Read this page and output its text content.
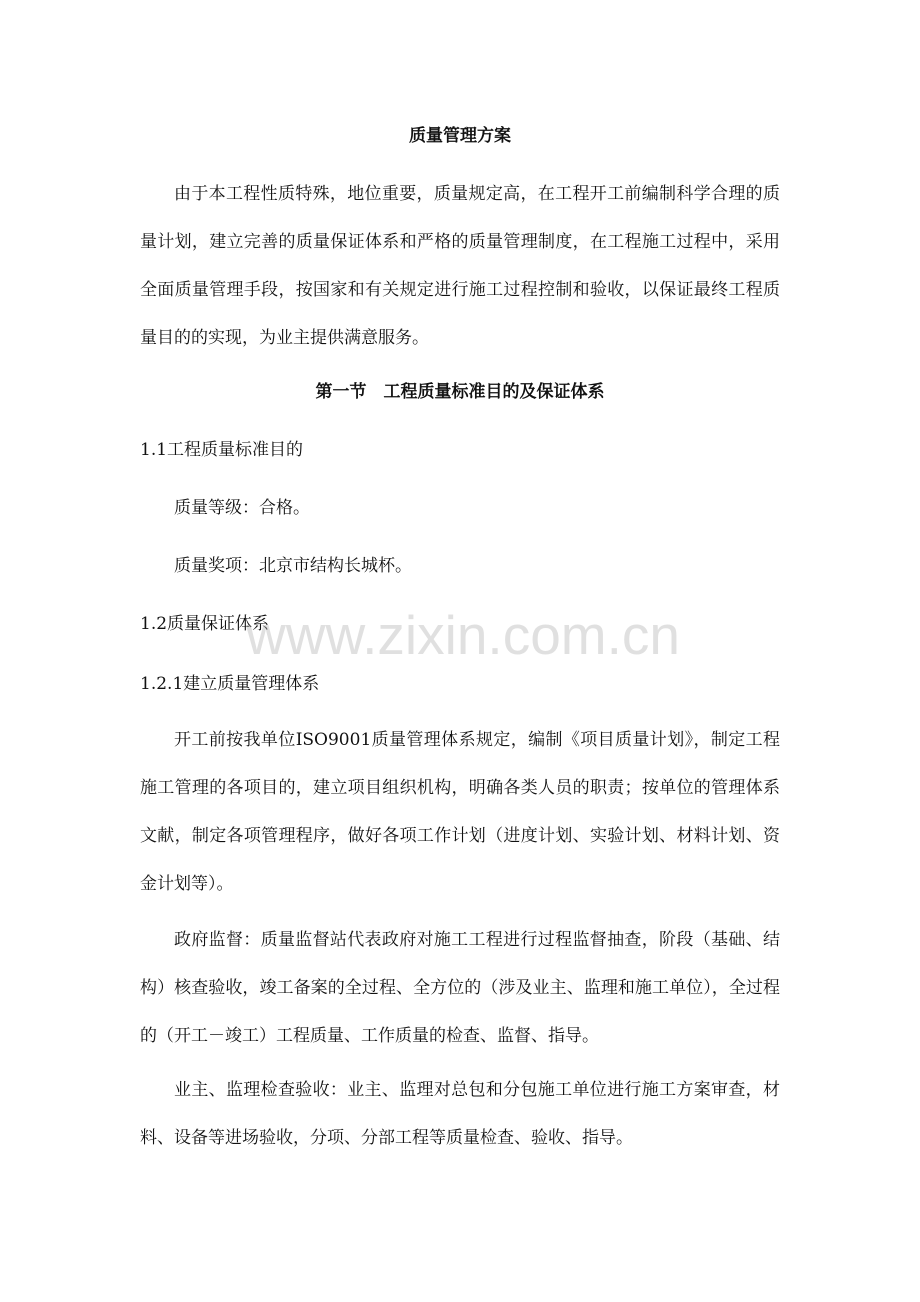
质量管理方案
由于本工程性质特殊，地位重要，质量规定高，在工程开工前编制科学合理的质量计划，建立完善的质量保证体系和严格的质量管理制度，在工程施工过程中，采用全面质量管理手段，按国家和有关规定进行施工过程控制和验收，以保证最终工程质量目的的实现，为业主提供满意服务。
第一节　工程质量标准目的及保证体系
1.1工程质量标准目的
质量等级：合格。
质量奖项：北京市结构长城杯。
1.2质量保证体系
1.2.1建立质量管理体系
开工前按我单位ISO9001质量管理体系规定，编制《项目质量计划》，制定工程施工管理的各项目的，建立项目组织机构，明确各类人员的职责；按单位的管理体系文献，制定各项管理程序，做好各项工作计划（进度计划、实验计划、材料计划、资金计划等）。
政府监督：质量监督站代表政府对施工工程进行过程监督抽查，阶段（基础、结构）核查验收，竣工备案的全过程、全方位的（涉及业主、监理和施工单位），全过程的（开工－竣工）工程质量、工作质量的检查、监督、指导。
业主、监理检查验收：业主、监理对总包和分包施工单位进行施工方案审查，材料、设备等进场验收，分项、分部工程等质量检查、验收、指导。
www.zixin.com.cn
